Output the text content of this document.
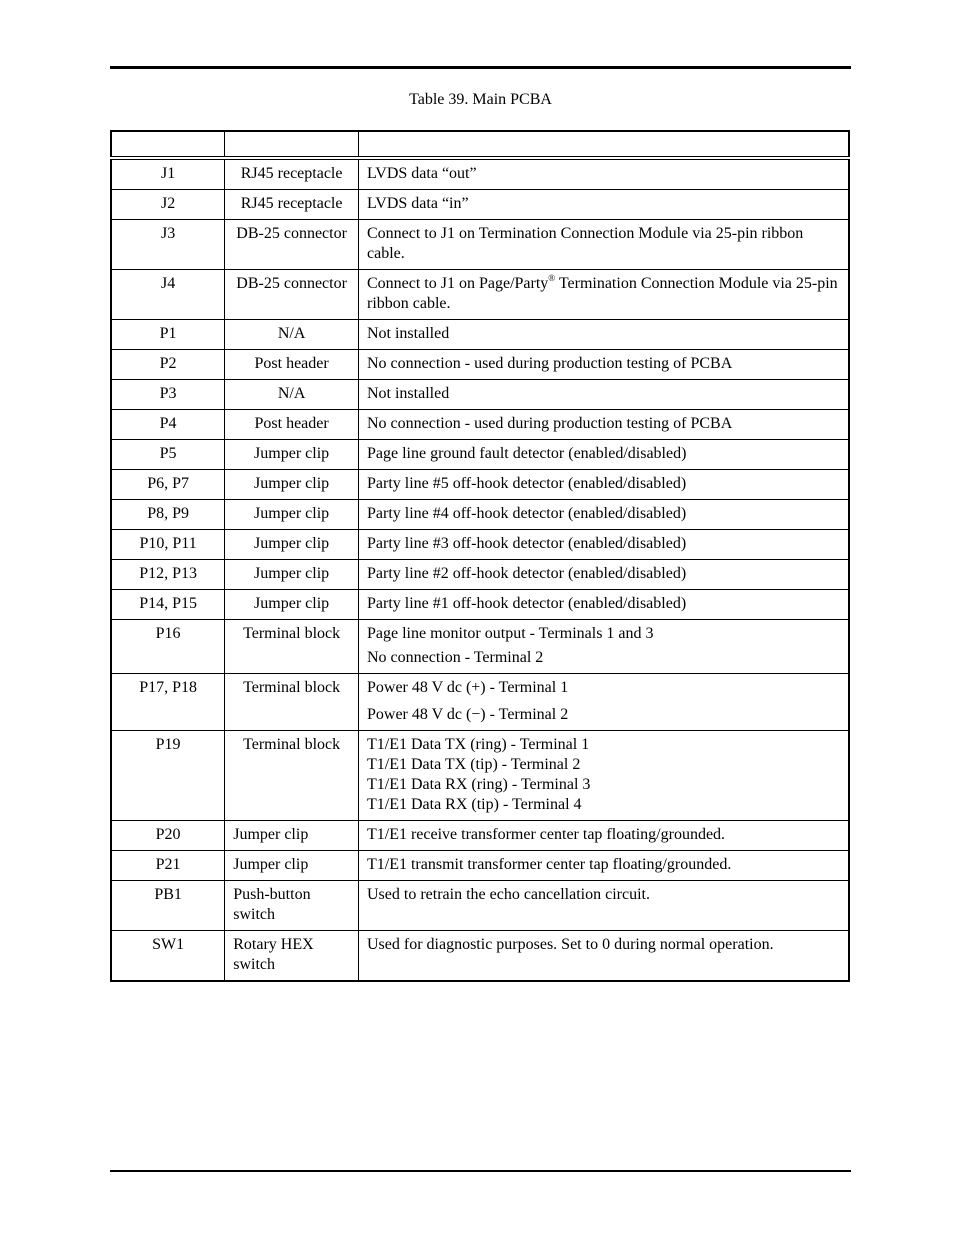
Table 39. Main PCBA

J1	RJ45 receptacle	LVDS data “out”

J2	RJ45 receptacle	LVDS data “in”

J3	DB-25 connector	Connect to J1 on Termination Connection Module via 25-pin ribbon cable.

J4	DB-25 connector	Connect to J1 on Page/Party® Termination Connection Module via 25-pin ribbon cable.
P1	N/A	Not installed

P2	Post header	No connection - used during production testing of PCBA

P3	N/A	Not installed

P4	Post header	No connection - used during production testing of PCBA

P5	Jumper clip	Page line ground fault detector (enabled/disabled)

P6, P7	Jumper clip	Party line #5 off-hook detector (enabled/disabled)

P8, P9	Jumper clip	Party line #4 off-hook detector (enabled/disabled)

P10, P11	Jumper clip	Party line #3 off-hook detector (enabled/disabled)

P12, P13	Jumper clip	Party line #2 off-hook detector (enabled/disabled)

P14, P15	Jumper clip	Party line #1 off-hook detector (enabled/disabled)

P16	Terminal block	Page line monitor output - Terminals 1 and 3
No connection - Terminal 2

P17, P18	Terminal block	Power 48 V dc (+) - Terminal 1
Power 48 V dc (−) - Terminal 2

P19	Terminal block	T1/E1 Data TX (ring) - Terminal 1
T1/E1 Data TX (tip) - Terminal 2
T1/E1 Data RX (ring) - Terminal 3
T1/E1 Data RX (tip) - Terminal 4

P20	Jumper clip	T1/E1 receive transformer center tap floating/grounded.

P21	Jumper clip	T1/E1 transmit transformer center tap floating/grounded.

PB1	Push-button switch	Used to retrain the echo cancellation circuit.

SW1	Rotary HEX switch	Used for diagnostic purposes. Set to 0 during normal operation.
